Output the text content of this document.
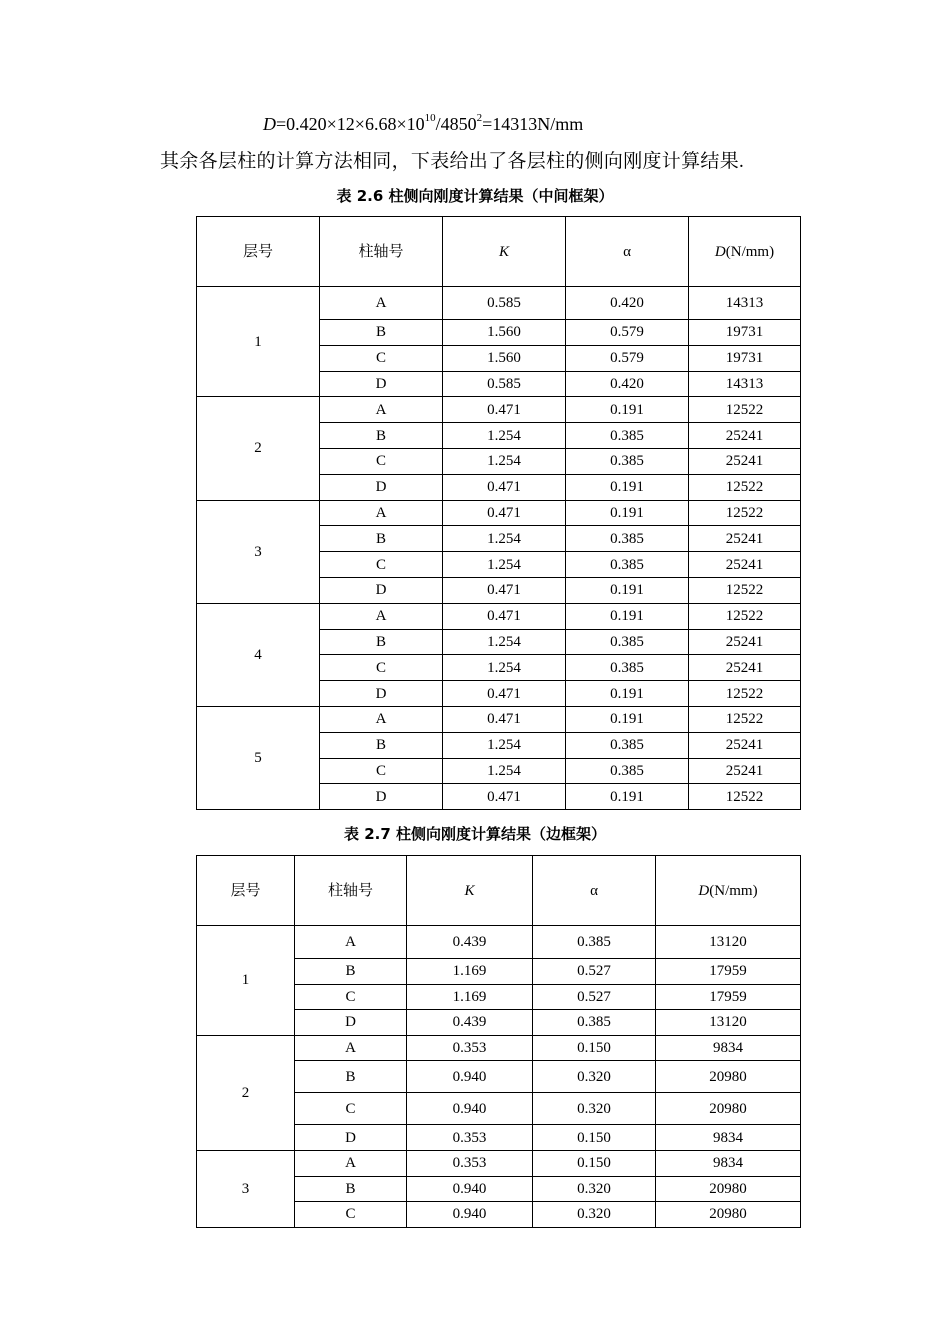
$D=0.420\times 12\times 6.68\times 10^{10}/4850^2=14313N/mm$
其余各层柱的计算方法相同，下表给出了各层柱的侧向刚度计算结果.
表 2.6 柱侧向刚度计算结果（中间框架）
层号	柱轴号	K	α	D(N/mm)
1	A	0.585	0.420	14313
	B	1.560	0.579	19731
	C	1.560	0.579	19731
	D	0.585	0.420	14313
2	A	0.471	0.191	12522
	B	1.254	0.385	25241
	C	1.254	0.385	25241
	D	0.471	0.191	12522
3	A	0.471	0.191	12522
	B	1.254	0.385	25241
	C	1.254	0.385	25241
	D	0.471	0.191	12522
4	A	0.471	0.191	12522
	B	1.254	0.385	25241
	C	1.254	0.385	25241
	D	0.471	0.191	12522
5	A	0.471	0.191	12522
	B	1.254	0.385	25241
	C	1.254	0.385	25241
	D	0.471	0.191	12522
表 2.7 柱侧向刚度计算结果（边框架）
层号	柱轴号	K	α	D(N/mm)
1	A	0.439	0.385	13120
	B	1.169	0.527	17959
	C	1.169	0.527	17959
	D	0.439	0.385	13120
2	A	0.353	0.150	9834
	B	0.940	0.320	20980
	C	0.940	0.320	20980
	D	0.353	0.150	9834
3	A	0.353	0.150	9834
	B	0.940	0.320	20980
	C	0.940	0.320	20980
